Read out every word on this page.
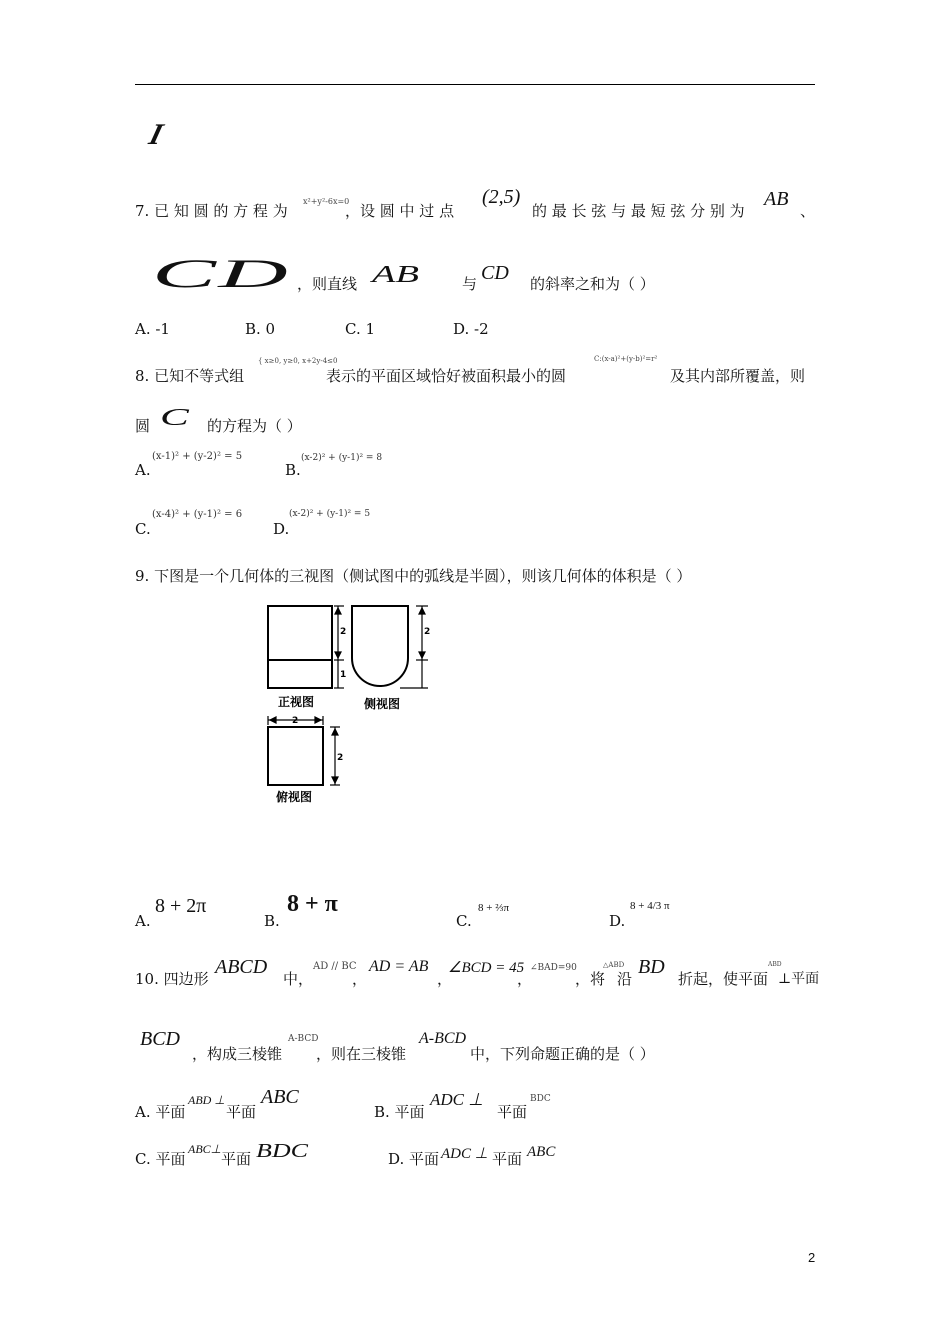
I
7. 已 知 圆 的 方 程 为
x²+y²-6x=0
，设 圆 中 过 点
(2,5)
的 最 长 弦 与 最 短 弦 分 别 为
AB
、
CD ，则直线 AB	与 CD 的斜率之和为（ ）
A. -1	B. 0	C. 1	D. -2
8. 已知不等式组
{ x≥0, y≥0, x+2y-4≤0
表示的平面区域恰好被面积最小的圆
C:(x-a)²+(y-b)²=r²
及其内部所覆盖，则
圆 C 的方程为（ ）
A.
(x-1)² + (y-2)² = 5
B.
(x-2)² + (y-1)² = 8
C.
(x-4)² + (y-1)² = 6
D.
(x-2)² + (y-1)² = 5
9. 下图是一个几何体的三视图（侧试图中的弧线是半圆），则该几何体的体积是（ ）
2
1
2
2
2
正视图	侧视图
俯视图
A.
8 + 2π
B.
8 + π
C.
8 + ⅔π
D.
8 + 4/3 π
10. 四边形
ABCD
中，
AD // BC
，
AD = AB
，
∠BCD = 45
，
∠BAD=90
，将
△ABD
沿
BD
折起，使平面
ABD
⊥平面
BCD
，构成三棱锥
A-BCD
，则在三棱锥
A-BCD
中，下列命题正确的是（ ）
A. 平面
ABD ⊥
平面
ABC
B. 平面
ADC ⊥
平面
BDC
C. 平面
ABC⊥
平面 BDC	D. 平面 ADC ⊥ 平面 ABC
2
